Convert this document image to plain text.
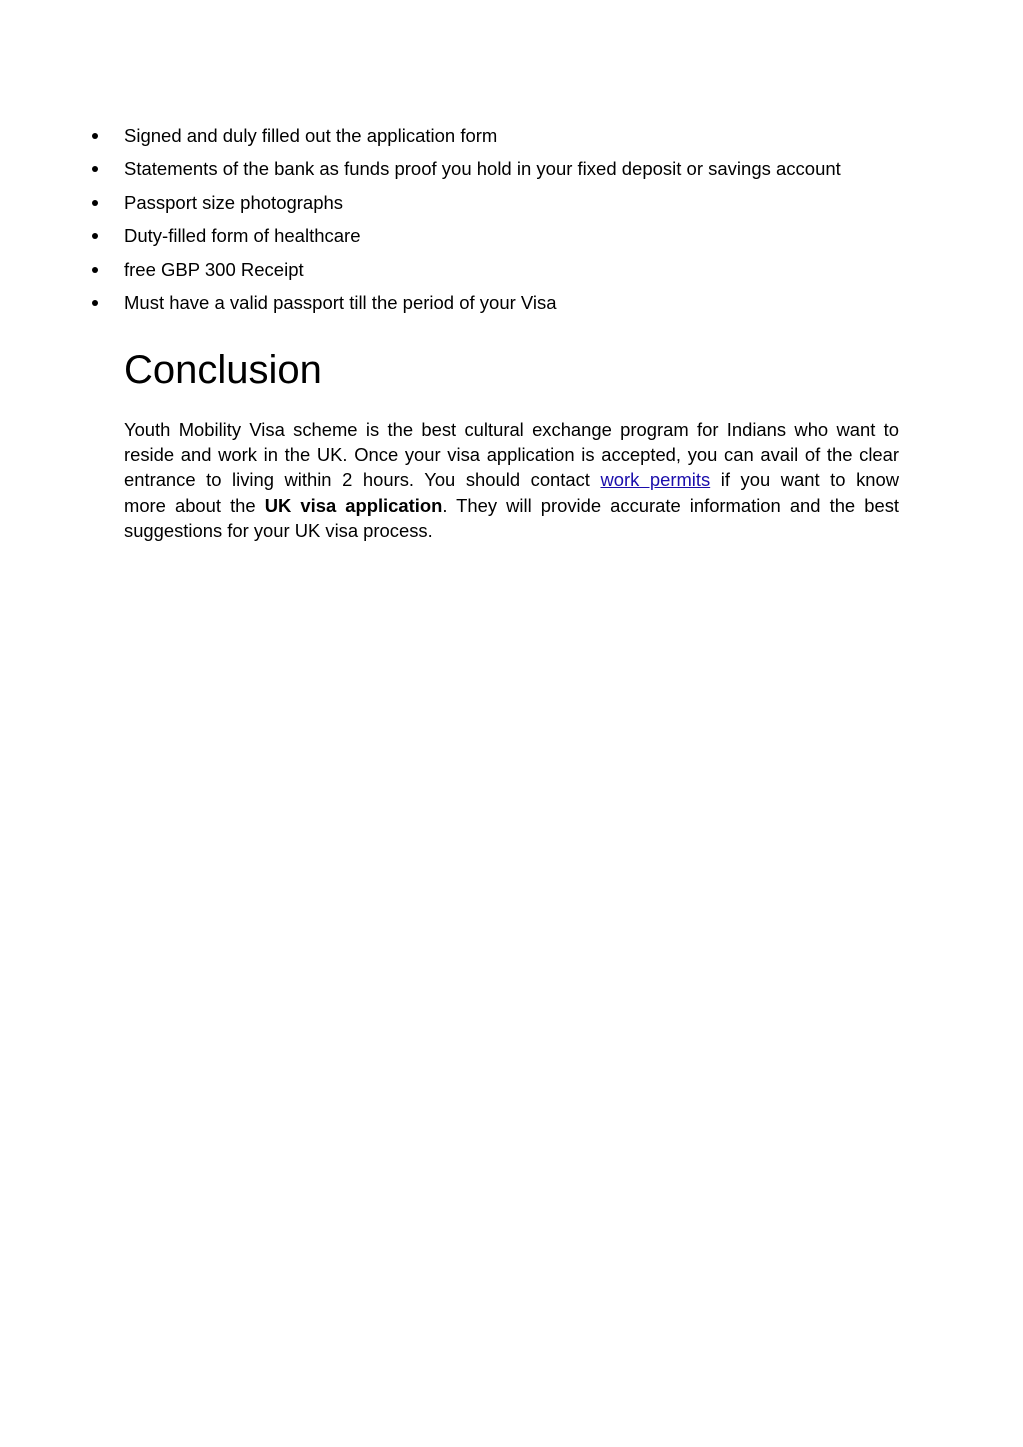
Signed and duly filled out the application form
Statements of the bank as funds proof you hold in your fixed deposit or savings account
Passport size photographs
Duty-filled form of healthcare
free GBP 300 Receipt
Must have a valid passport till the period of your Visa
Conclusion
Youth Mobility Visa scheme is the best cultural exchange program for Indians who want to
reside and work in the UK. Once your visa application is accepted, you can avail of the clear
entrance to living within 2 hours. You should contact work permits if you want to know
more about the UK visa application. They will provide accurate information and the best
suggestions for your UK visa process.
